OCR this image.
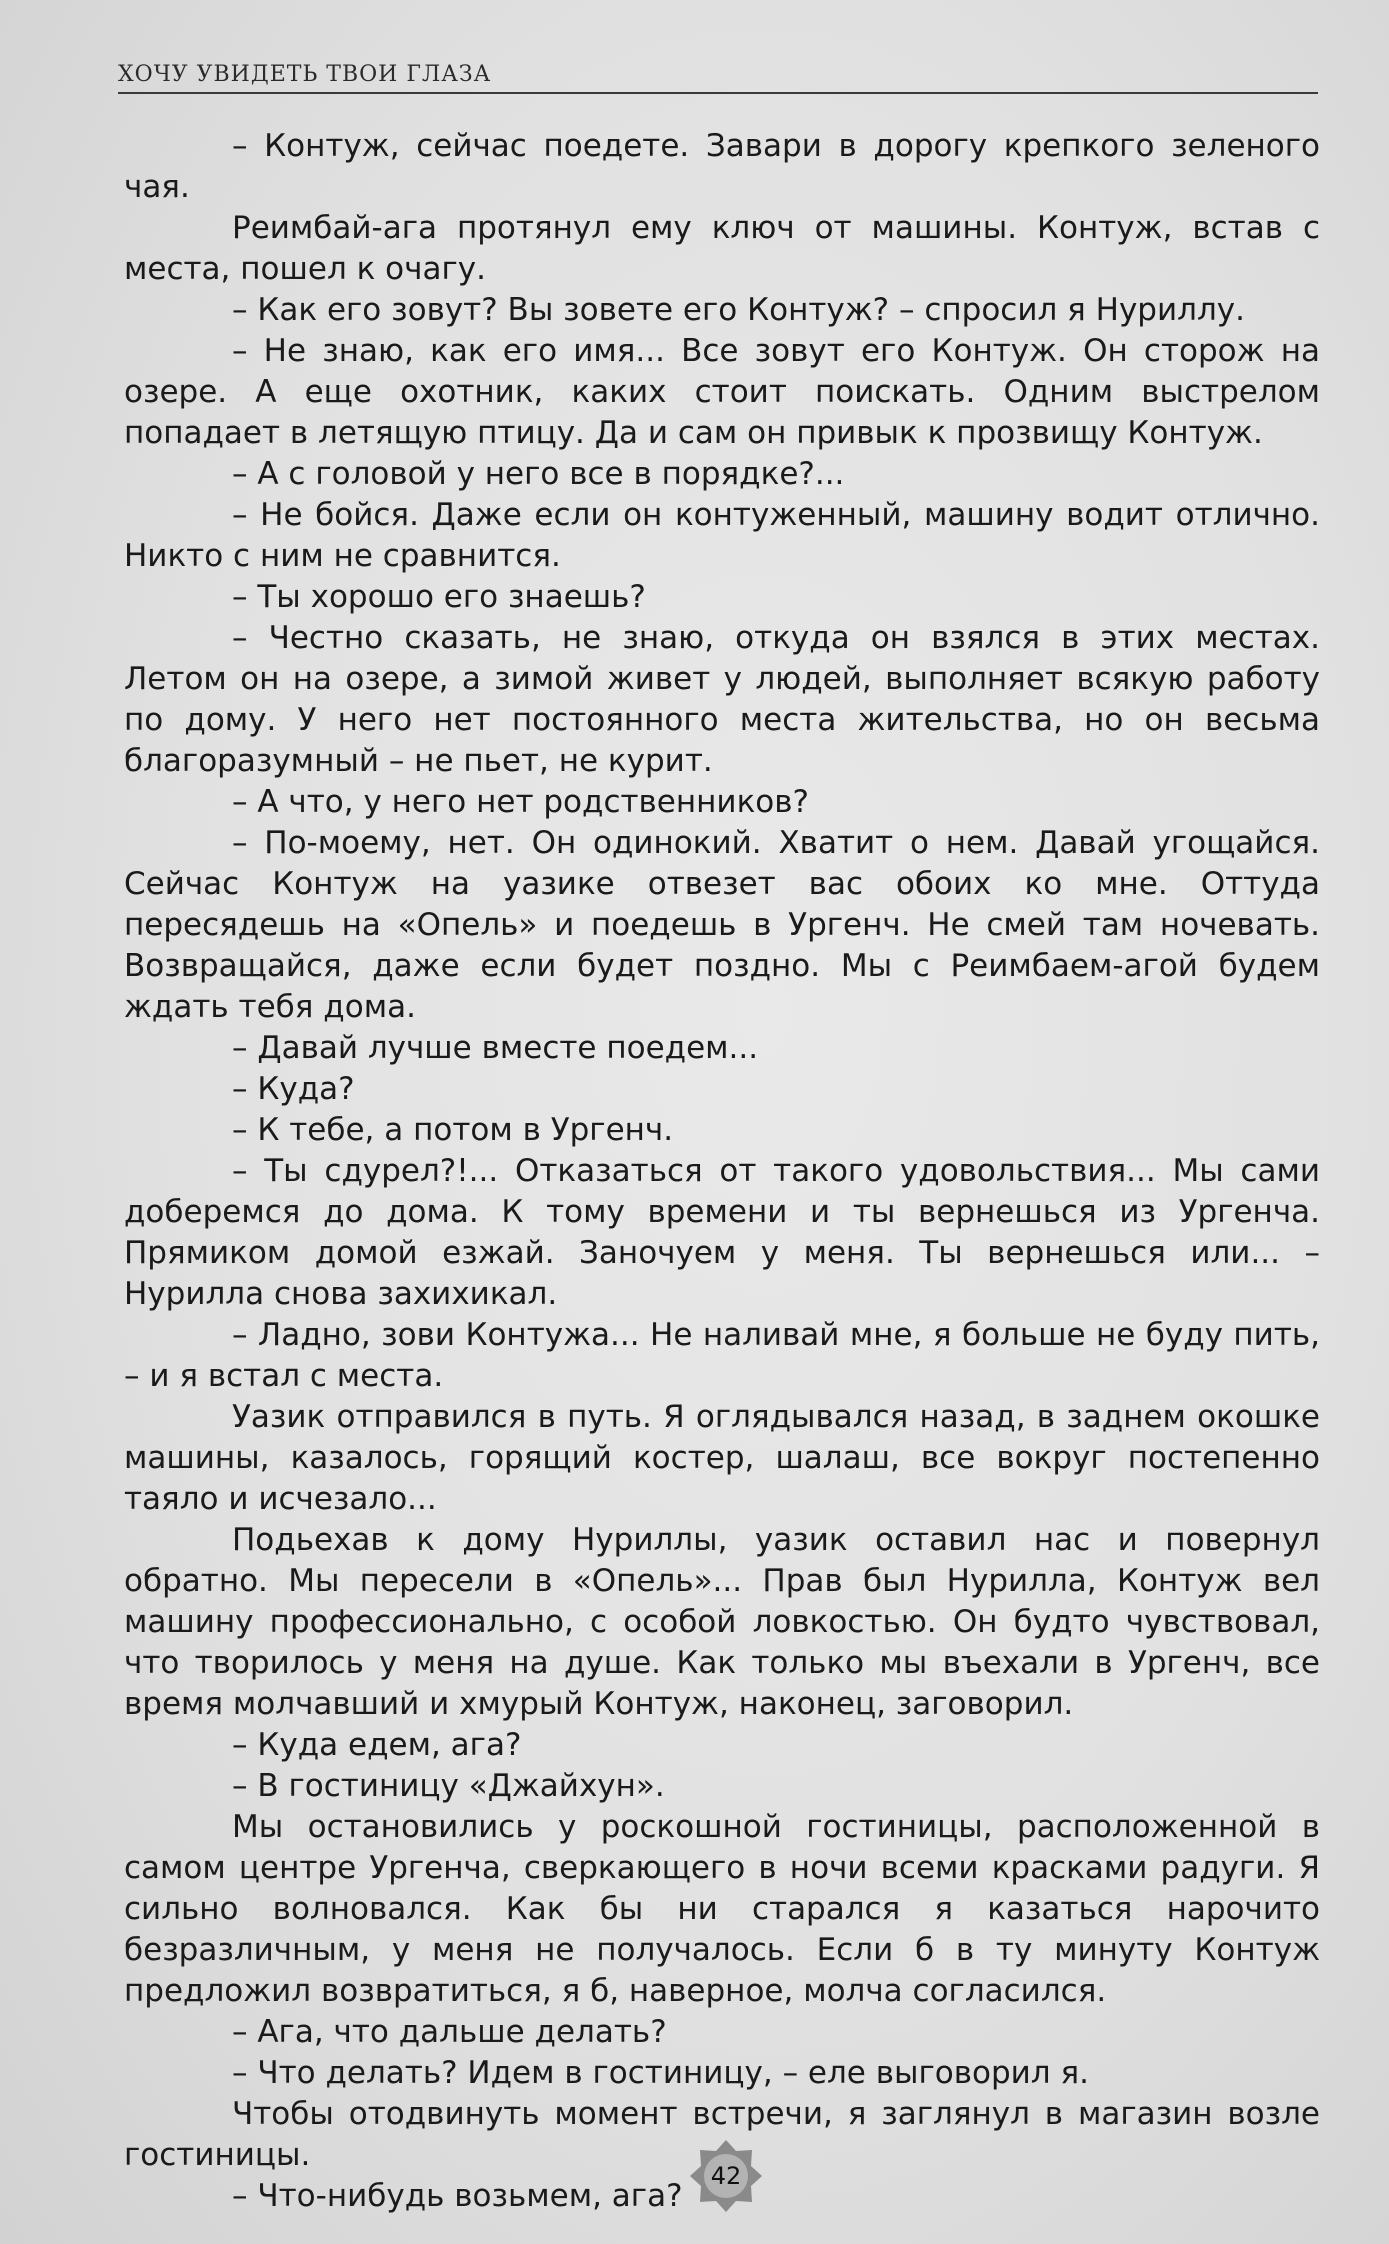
ХОЧУ УВИДЕТЬ ТВОИ ГЛАЗА

– Контуж, сейчас поедете. Завари в дорогу крепкого зеленого чая.

Реимбай-ага протянул ему ключ от машины. Контуж, встав с места, пошел к очагу.

– Как его зовут? Вы зовете его Контуж? – спросил я Нуриллу.

– Не знаю, как его имя... Все зовут его Контуж. Он сторож на озере. А еще охотник, каких стоит поискать. Одним выстрелом попадает в летящую птицу. Да и сам он привык к прозвищу Контуж.

– А с головой у него все в порядке?...

– Не бойся. Даже если он контуженный, машину водит отлично. Никто с ним не сравнится.

– Ты хорошо его знаешь?

– Честно сказать, не знаю, откуда он взялся в этих местах. Летом он на озере, а зимой живет у людей, выполняет всякую работу по дому. У него нет постоянного места жительства, но он весьма благоразумный – не пьет, не курит.

– А что, у него нет родственников?

– По-моему, нет. Он одинокий. Хватит о нем. Давай угощайся. Сейчас Контуж на уазике отвезет вас обоих ко мне. Оттуда пересядешь на «Опель» и поедешь в Ургенч. Не смей там ночевать. Возвращайся, даже если будет поздно. Мы с Реимбаем-агой будем ждать тебя дома.

– Давай лучше вместе поедем...

– Куда?

– К тебе, а потом в Ургенч.

– Ты сдурел?!... Отказаться от такого удовольствия... Мы сами доберемся до дома. К тому времени и ты вернешься из Ургенча. Прямиком домой езжай. Заночуем у меня. Ты вернешься или... – Нурилла снова захихикал.

– Ладно, зови Контужа... Не наливай мне, я больше не буду пить, – и я встал с места.

Уазик отправился в путь. Я оглядывался назад, в заднем окошке машины, казалось, горящий костер, шалаш, все вокруг постепенно таяло и исчезало...

Подьехав к дому Нуриллы, уазик оставил нас и повернул обратно. Мы пересели в «Опель»... Прав был Нурилла, Контуж вел машину профессионально, с особой ловкостью. Он будто чувствовал, что творилось у меня на душе. Как только мы въехали в Ургенч, все время молчавший и хмурый Контуж, наконец, заговорил.

– Куда едем, ага?

– В гостиницу «Джайхун».

Мы остановились у роскошной гостиницы, расположенной в самом центре Ургенча, сверкающего в ночи всеми красками радуги. Я сильно волновался. Как бы ни старался я казаться нарочито безразличным, у меня не получалось. Если б в ту минуту Контуж предложил возвратиться, я б, наверное, молча согласился.

– Ага, что дальше делать?

– Что делать? Идем в гостиницу, – еле выговорил я.

Чтобы отодвинуть момент встречи, я заглянул в магазин возле гостиницы.

– Что-нибудь возьмем, ага?

42
